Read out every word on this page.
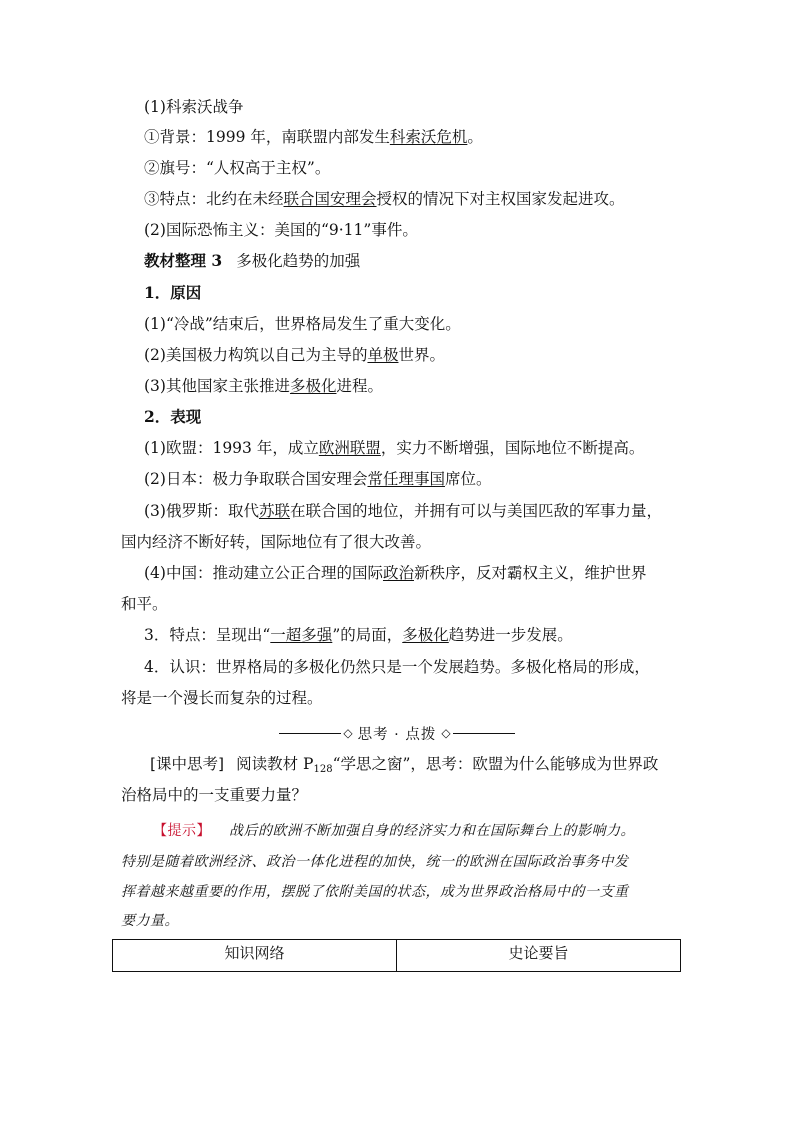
(1)科索沃战争
①背景：1999 年，南联盟内部发生科索沃危机。
②旗号：“人权高于主权”。
③特点：北约在未经联合国安理会授权的情况下对主权国家发起进攻。
(2)国际恐怖主义：美国的“9·11”事件。
教材整理 3 多极化趋势的加强
1．原因
(1)“冷战”结束后，世界格局发生了重大变化。
(2)美国极力构筑以自己为主导的单极世界。
(3)其他国家主张推进多极化进程。
2．表现
(1)欧盟：1993 年，成立欧洲联盟，实力不断增强，国际地位不断提高。
(2)日本：极力争取联合国安理会常任理事国席位。
(3)俄罗斯：取代苏联在联合国的地位，并拥有可以与美国匹敌的军事力量，
国内经济不断好转，国际地位有了很大改善。
(4)中国：推动建立公正合理的国际政治新秩序，反对霸权主义，维护世界
和平。
3．特点：呈现出“一超多强”的局面，多极化趋势进一步发展。
4．认识：世界格局的多极化仍然只是一个发展趋势。多极化格局的形成，
将是一个漫长而复杂的过程。
◇ 思考 · 点拨 ◇
[课中思考] 阅读教材 $P_{128}“$学思之窗”，思考：欧盟为什么能够成为世界政
治格局中的一支重要力量？
【提示】 战后的欧洲不断加强自身的经济实力和在国际舞台上的影响力。
特别是随着欧洲经济、政治一体化进程的加快，统一的欧洲在国际政治事务中发
挥着越来越重要的作用，摆脱了依附美国的状态，成为世界政治格局中的一支重
要力量。
知识网络	史论要旨
